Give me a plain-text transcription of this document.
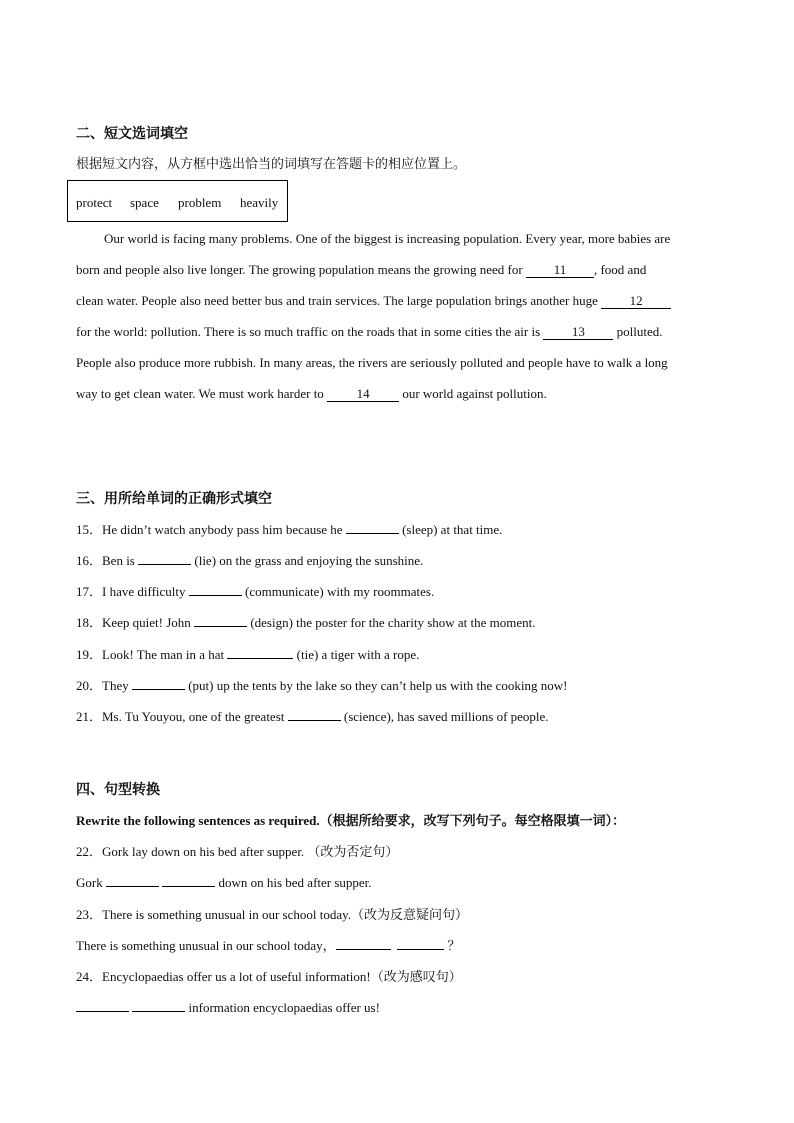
二、短文选词填空
根据短文内容，从方框中选出恰当的词填写在答题卡的相应位置上。
protect space problem heavily
Our world is facing many problems. One of the biggest is increasing population. Every year, more babies are
born and people also live longer. The growing population means the growing need for 11 , food and
clean water. People also need better bus and train services. The large population brings another huge 12
for the world: pollution. There is so much traffic on the roads that in some cities the air is 13 polluted.
People also produce more rubbish. In many areas, the rivers are seriously polluted and people have to walk a long
way to get clean water. We must work harder to 14 our world against pollution.
三、用所给单词的正确形式填空
15．He didn’t watch anybody pass him because he	(sleep) at that time.
16．Ben is	(lie) on the grass and enjoying the sunshine.
17．I have difficulty	(communicate) with my roommates.
18．Keep quiet! John	(design) the poster for the charity show at the moment.
19．Look! The man in a hat	(tie) a tiger with a rope.
20．They	(put) up the tents by the lake so they can’t help us with the cooking now!
21．Ms. Tu Youyou, one of the greatest	(science), has saved millions of people.
四、句型转换
Rewrite the following sentences as required.（根据所给要求，改写下列句子。每空格限填一词）：
22．Gork lay down on his bed after supper. （改为否定句）
Gork	down on his bed after supper.
23．There is something unusual in our school today.（改为反意疑问句）
There is something unusual in our school today，	？
24．Encyclopaedias offer us a lot of useful information!（改为感叹句）
information encyclopaedias offer us!
